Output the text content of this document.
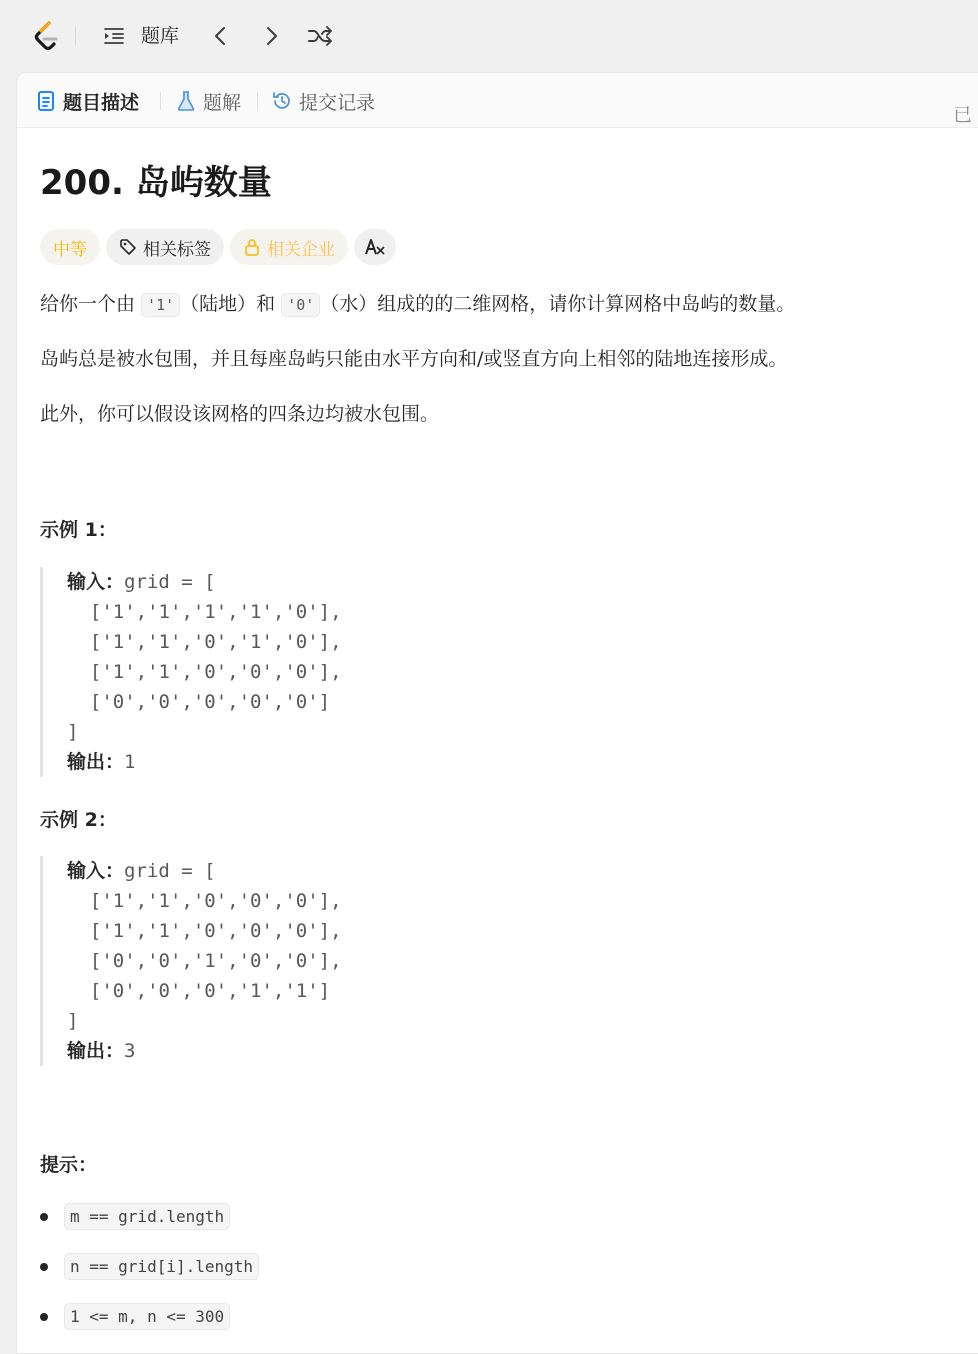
题库
题目描述	题解	提交记录
200. 岛屿数量
中等	相关标签	相关企业
给你一个由 '1' （陆地）和 '0' （水）组成的的二维网格，请你计算网格中岛屿的数量。
岛屿总是被水包围，并且每座岛屿只能由水平方向和/或竖直方向上相邻的陆地连接形成。
此外，你可以假设该网格的四条边均被水包围。
示例 1：
输入：grid = [
['1','1','1','1','0'],
['1','1','0','1','0'],
['1','1','0','0','0'],
['0','0','0','0','0']
]
输出：1
示例 2：
输入：grid = [
['1','1','0','0','0'],
['1','1','0','0','0'],
['0','0','1','0','0'],
['0','0','0','1','1']
]
输出：3
提示：
m == grid.length
n == grid[i].length
1 <= m, n <= 300
已
